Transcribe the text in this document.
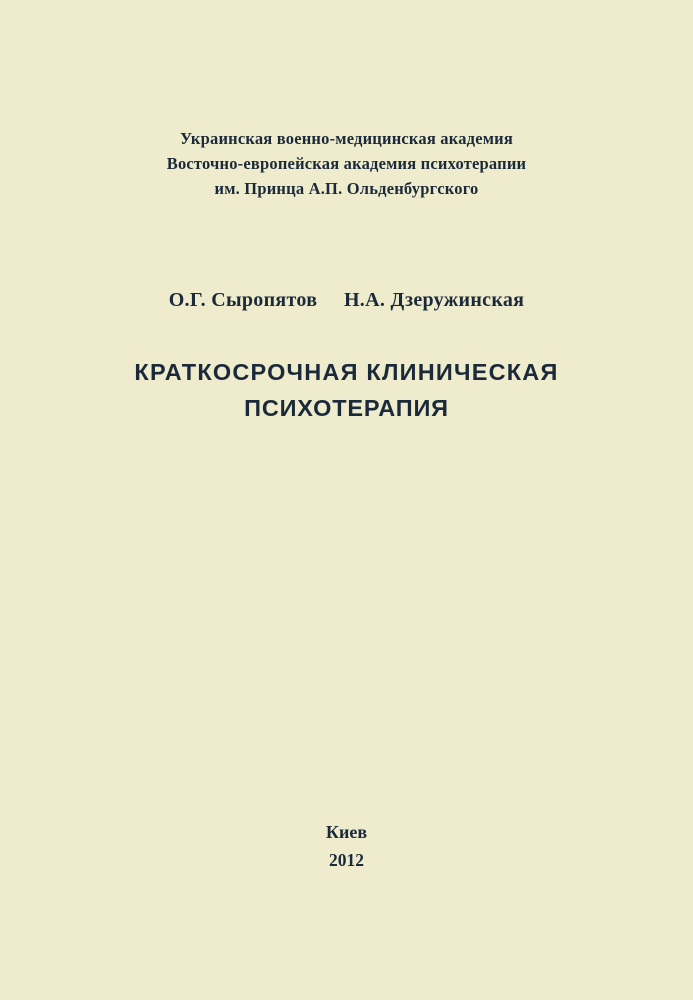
Украинская военно-медицинская академия
Восточно-европейская академия психотерапии
им. Принца А.П. Ольденбургского
О.Г. Сыропятов Н.А. Дзеружинская
КРАТКОСРОЧНАЯ КЛИНИЧЕСКАЯ
ПСИХОТЕРАПИЯ
Киев
2012
